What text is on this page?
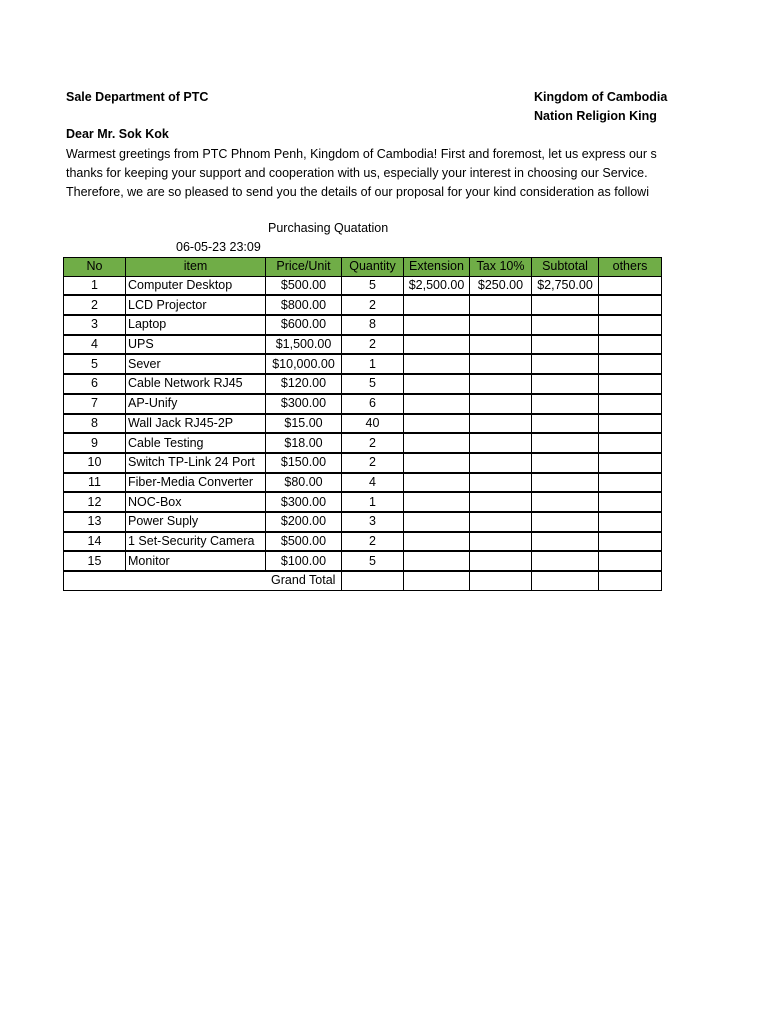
Sale Department of PTC	Kingdom of Cambodia
Nation Religion King
Dear Mr. Sok Kok
Warmest greetings from PTC Phnom Penh, Kingdom of Cambodia! First and foremost, let us express our s
thanks for keeping your support and cooperation with us, especially your interest in choosing our Service.
Therefore, we are so pleased to send you the details of our proposal for your kind consideration as followi
Purchasing Quatation
06-05-23 23:09
No	item	Price/Unit	Quantity	Extension	Tax 10%	Subtotal	others
1	Computer Desktop	$500.00	5	$2,500.00	$250.00	$2,750.00	
2	LCD Projector	$800.00	2				
3	Laptop	$600.00	8				
4	UPS	$1,500.00	2				
5	Sever	$10,000.00	1				
6	Cable Network RJ45	$120.00	5				
7	AP-Unify	$300.00	6				
8	Wall Jack RJ45-2P	$15.00	40				
9	Cable Testing	$18.00	2				
10	Switch TP-Link 24 Port	$150.00	2				
11	Fiber-Media Converter	$80.00	4				
12	NOC-Box	$300.00	1				
13	Power Suply	$200.00	3				
14	1 Set-Security Camera	$500.00	2				
15	Monitor	$100.00	5				
		Grand Total					
